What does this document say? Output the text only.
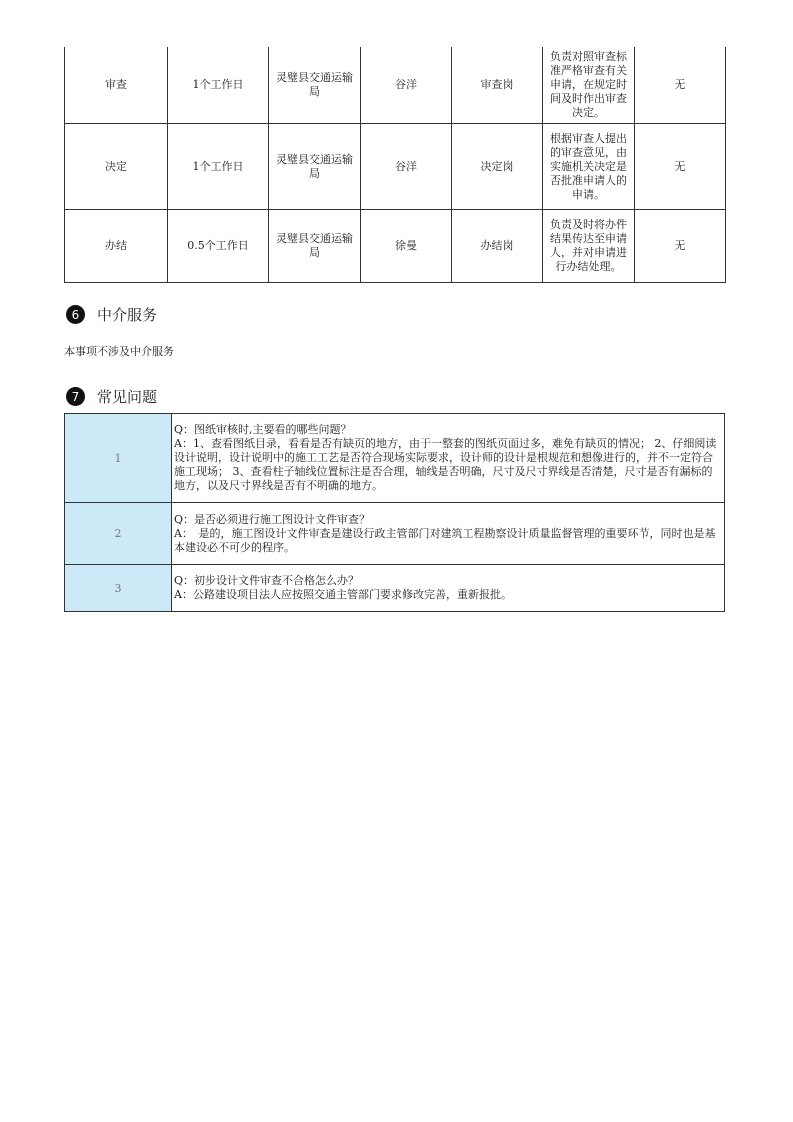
审查	1个工作日	灵璧县交通运输局	谷洋	审查岗	负责对照审查标准严格审查有关申请，在规定时间及时作出审查决定。	无
决定	1个工作日	灵璧县交通运输局	谷洋	决定岗	根据审查人提出的审查意见，由实施机关决定是否批准申请人的申请。	无
办结	0.5个工作日	灵璧县交通运输局	徐曼	办结岗	负责及时将办件结果传达至申请人，并对申请进行办结处理。	无
6	中介服务
本事项不涉及中介服务
7	常见问题
1	Q：图纸审核时,主要看的哪些问题？
A：1、查看图纸目录，看看是否有缺页的地方，由于一整套的图纸页面过多，难免有缺页的情况； 2、仔细阅读设计说明，设计说明中的施工工艺是否符合现场实际要求，设计师的设计是根规范和想像进行的，并不一定符合施工现场； 3、查看柱子轴线位置标注是否合理，轴线是否明确，尺寸及尺寸界线是否清楚，尺寸是否有漏标的地方，以及尺寸界线是否有不明确的地方。

2	Q：是否必须进行施工图设计文件审查？
A：　是的，施工图设计文件审查是建设行政主管部门对建筑工程勘察设计质量监督管理的重要环节，同时也是基本建设必不可少的程序。

3	Q：初步设计文件审查不合格怎么办？
A：公路建设项目法人应按照交通主管部门要求修改完善，重新报批。
